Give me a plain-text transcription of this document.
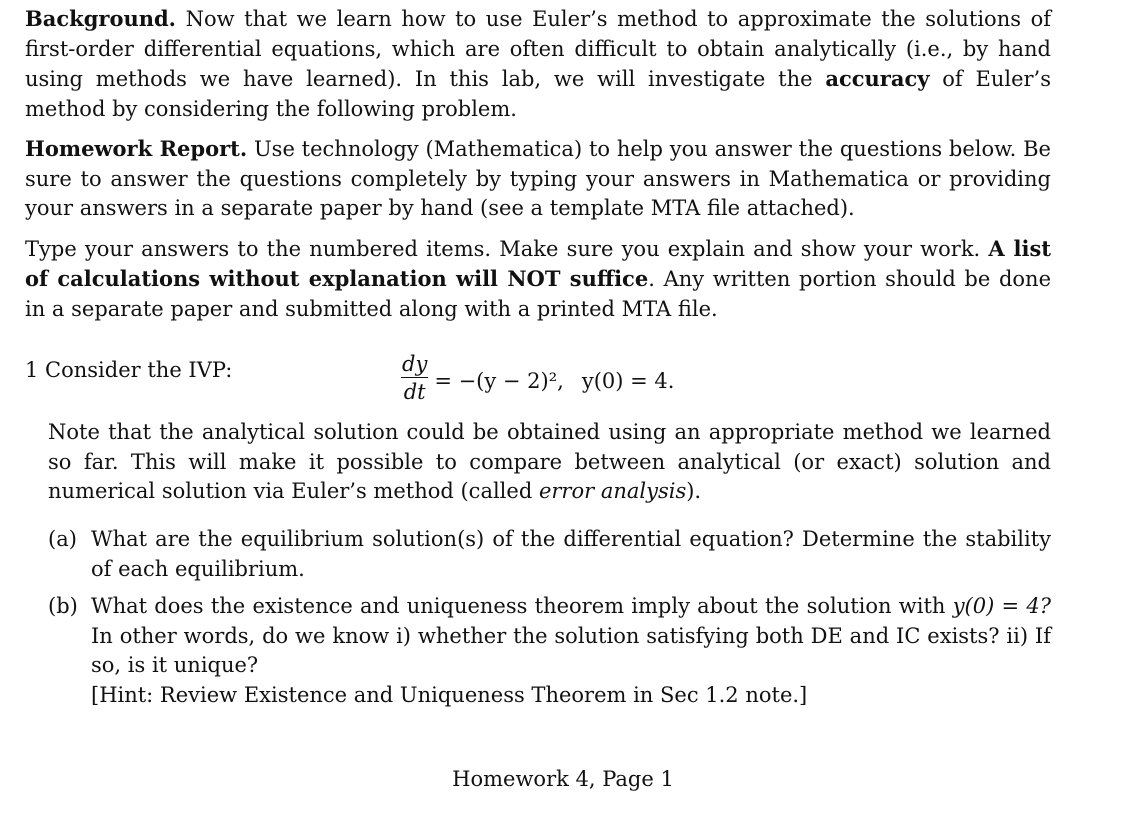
Background. Now that we learn how to use Euler’s method to approximate the solutions of first-order differential equations, which are often difficult to obtain analytically (i.e., by hand using methods we have learned). In this lab, we will investigate the accuracy of Euler’s method by considering the following problem.

Homework Report. Use technology (Mathematica) to help you answer the questions below. Be sure to answer the questions completely by typing your answers in Mathematica or providing your answers in a separate paper by hand (see a template MTA file attached).

Type your answers to the numbered items. Make sure you explain and show your work. A list of calculations without explanation will NOT suffice. Any written portion should be done in a separate paper and submitted along with a printed MTA file.

1 Consider the IVP:	$\frac{dy}{dt} = -(y - 2)^2$, y(0) = 4.

Note that the analytical solution could be obtained using an appropriate method we learned so far. This will make it possible to compare between analytical (or exact) solution and numerical solution via Euler’s method (called error analysis).

(a) What are the equilibrium solution(s) of the differential equation? Determine the stability of each equilibrium.

(b) What does the existence and uniqueness theorem imply about the solution with y(0) = 4? In other words, do we know i) whether the solution satisfying both DE and IC exists? ii) If so, is it unique?

[Hint: Review Existence and Uniqueness Theorem in Sec 1.2 note.]

Homework 4, Page 1
